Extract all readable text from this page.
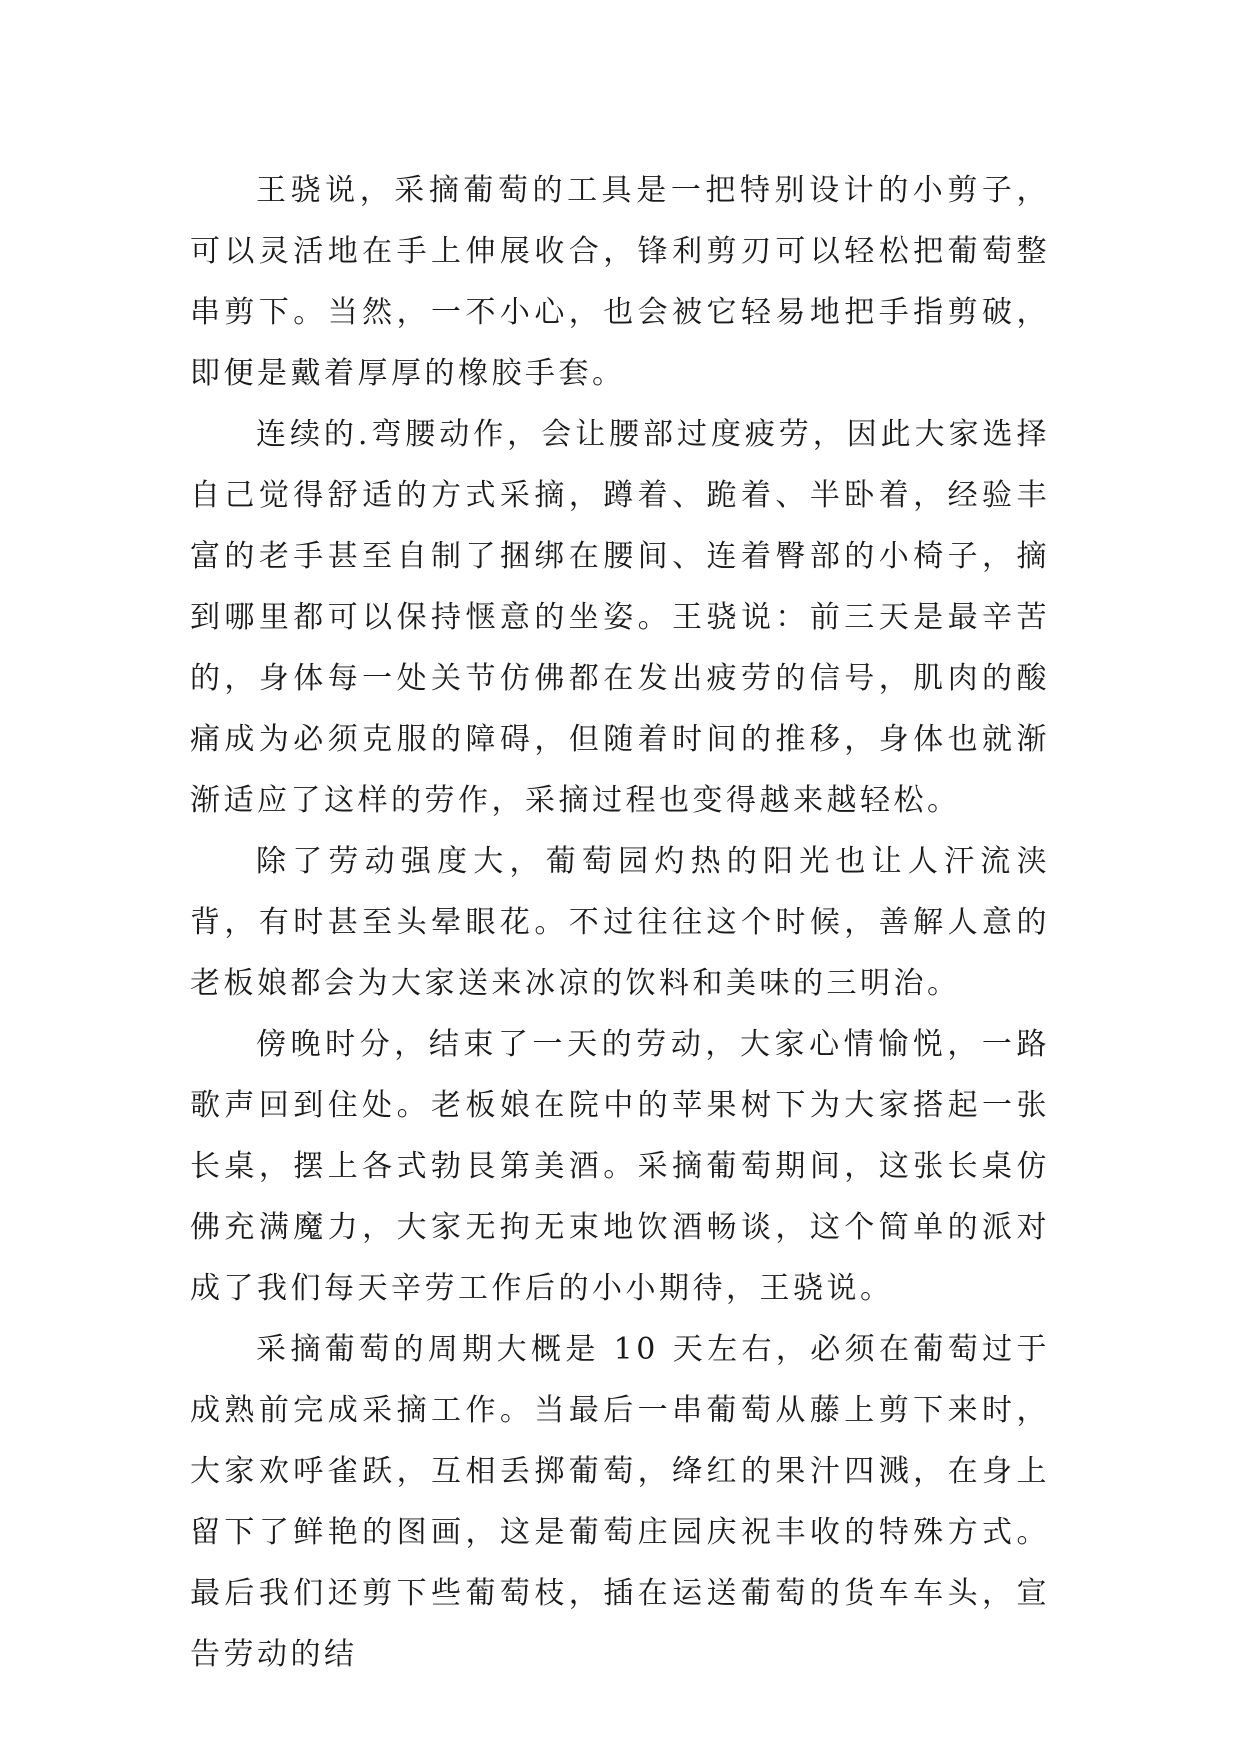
王骁说，采摘葡萄的工具是一把特别设计的小剪子，可以灵活地在手上伸展收合，锋利剪刃可以轻松把葡萄整串剪下。当然，一不小心，也会被它轻易地把手指剪破，即便是戴着厚厚的橡胶手套。

连续的.弯腰动作，会让腰部过度疲劳，因此大家选择自己觉得舒适的方式采摘，蹲着、跪着、半卧着，经验丰富的老手甚至自制了捆绑在腰间、连着臀部的小椅子，摘到哪里都可以保持惬意的坐姿。王骁说：前三天是最辛苦的，身体每一处关节仿佛都在发出疲劳的信号，肌肉的酸痛成为必须克服的障碍，但随着时间的推移，身体也就渐渐适应了这样的劳作，采摘过程也变得越来越轻松。

除了劳动强度大，葡萄园灼热的阳光也让人汗流浃背，有时甚至头晕眼花。不过往往这个时候，善解人意的老板娘都会为大家送来冰凉的饮料和美味的三明治。

傍晚时分，结束了一天的劳动，大家心情愉悦，一路歌声回到住处。老板娘在院中的苹果树下为大家搭起一张长桌，摆上各式勃艮第美酒。采摘葡萄期间，这张长桌仿佛充满魔力，大家无拘无束地饮酒畅谈，这个简单的派对成了我们每天辛劳工作后的小小期待，王骁说。

采摘葡萄的周期大概是 10 天左右，必须在葡萄过于成熟前完成采摘工作。当最后一串葡萄从藤上剪下来时，大家欢呼雀跃，互相丢掷葡萄，绛红的果汁四溅，在身上留下了鲜艳的图画，这是葡萄庄园庆祝丰收的特殊方式。最后我们还剪下些葡萄枝，插在运送葡萄的货车车头，宣告劳动的结
